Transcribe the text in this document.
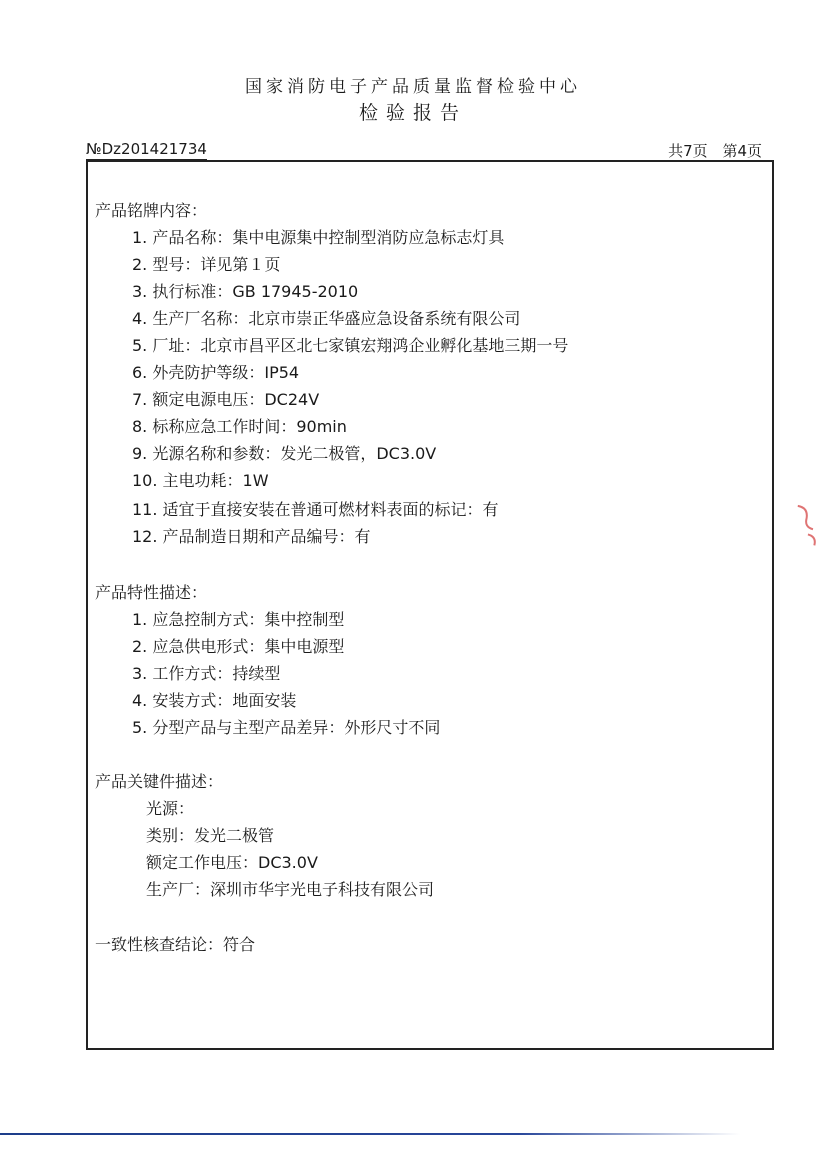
国家消防电子产品质量监督检验中心
检验报告
№Dz201421734	共7页 第4页
产品铭牌内容：
1. 产品名称：集中电源集中控制型消防应急标志灯具
2. 型号：详见第１页
3. 执行标准：GB 17945-2010
4. 生产厂名称：北京市崇正华盛应急设备系统有限公司
5. 厂址：北京市昌平区北七家镇宏翔鸿企业孵化基地三期一号
6. 外壳防护等级：IP54
7. 额定电源电压：DC24V
8. 标称应急工作时间：90min
9. 光源名称和参数：发光二极管，DC3.0V
10. 主电功耗：1W
11. 适宜于直接安装在普通可燃材料表面的标记：有
12. 产品制造日期和产品编号：有
产品特性描述：
1. 应急控制方式：集中控制型
2. 应急供电形式：集中电源型
3. 工作方式：持续型
4. 安装方式：地面安装
5. 分型产品与主型产品差异：外形尺寸不同
产品关键件描述：
光源：
类别：发光二极管
额定工作电压：DC3.0V
生产厂：深圳市华宇光电子科技有限公司
一致性核查结论：符合
